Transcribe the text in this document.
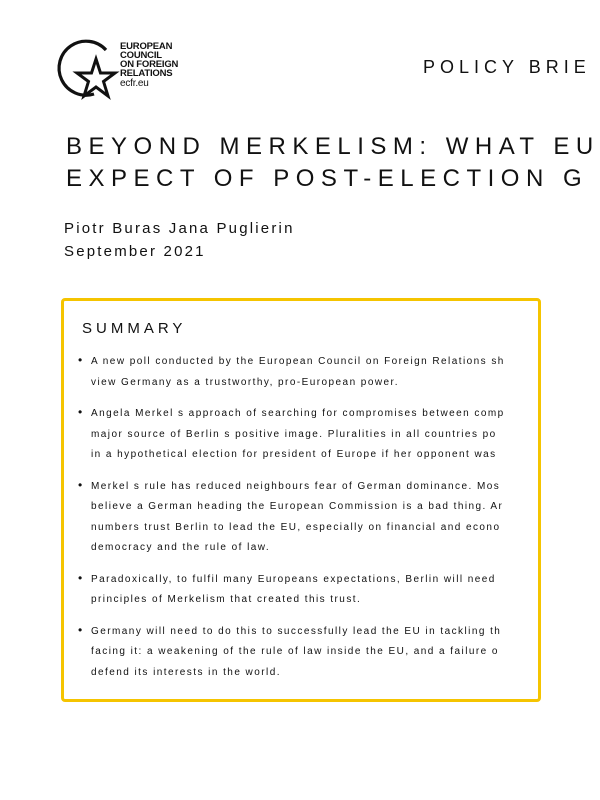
EUROPEAN
COUNCIL
ON FOREIGN
RELATIONS
ecfr.eu
POLICY BRIE
BEYOND MERKELISM: WHAT EU
EXPECT OF POST-ELECTION G
Piotr Buras Jana Puglierin
September 2021
SUMMARY
• A new poll conducted by the European Council on Foreign Relations sh
view Germany as a trustworthy, pro-European power.
• Angela Merkel s approach of searching for compromises between comp
major source of Berlin s positive image. Pluralities in all countries po
in a hypothetical election for president of Europe if her opponent was
• Merkel s rule has reduced neighbours fear of German dominance. Mos
believe a German heading the European Commission is a bad thing. Ar
numbers trust Berlin to lead the EU, especially on financial and econo
democracy and the rule of law.
• Paradoxically, to fulfil many Europeans expectations, Berlin will need
principles of Merkelism that created this trust.
• Germany will need to do this to successfully lead the EU in tackling th
facing it: a weakening of the rule of law inside the EU, and a failure o
defend its interests in the world.
